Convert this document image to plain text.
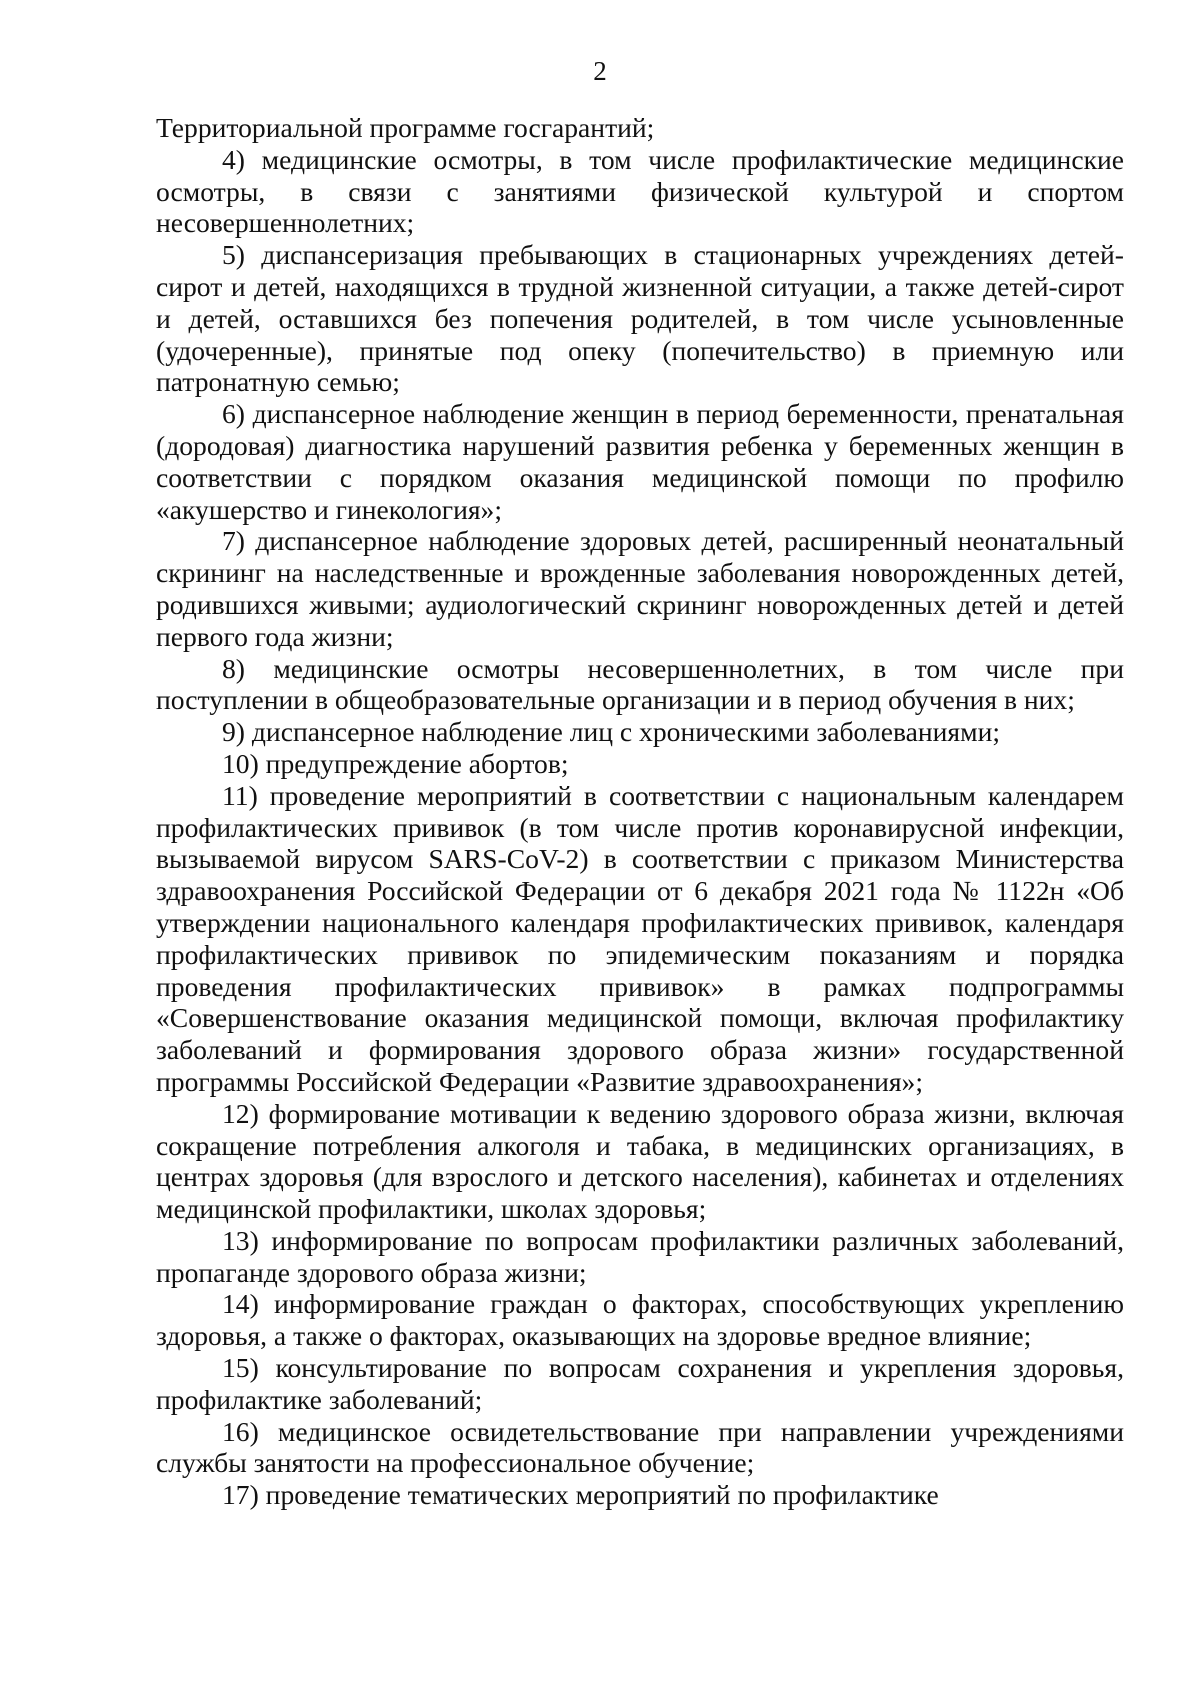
2

Территориальной программе госгарантий;

4) медицинские осмотры, в том числе профилактические медицинские осмотры, в связи с занятиями физической культурой и спортом несовершеннолетних;

5) диспансеризация пребывающих в стационарных учреждениях детей-сирот и детей, находящихся в трудной жизненной ситуации, а также детей-сирот и детей, оставшихся без попечения родителей, в том числе усыновленные (удочеренные), принятые под опеку (попечительство) в приемную или патронатную семью;

6) диспансерное наблюдение женщин в период беременности, пренатальная (дородовая) диагностика нарушений развития ребенка у беременных женщин в соответствии с порядком оказания медицинской помощи по профилю «акушерство и гинекология»;

7) диспансерное наблюдение здоровых детей, расширенный неонатальный скрининг на наследственные и врожденные заболевания новорожденных детей, родившихся живыми; аудиологический скрининг новорожденных детей и детей первого года жизни;

8) медицинские осмотры несовершеннолетних, в том числе при поступлении в общеобразовательные организации и в период обучения в них;

9) диспансерное наблюдение лиц с хроническими заболеваниями;

10) предупреждение абортов;

11) проведение мероприятий в соответствии с национальным календарем профилактических прививок (в том числе против коронавирусной инфекции, вызываемой вирусом SARS-CoV-2) в соответствии с приказом Министерства здравоохранения Российской Федерации от 6 декабря 2021 года № 1122н «Об утверждении национального календаря профилактических прививок, календаря профилактических прививок по эпидемическим показаниям и порядка проведения профилактических прививок» в рамках подпрограммы «Совершенствование оказания медицинской помощи, включая профилактику заболеваний и формирования здорового образа жизни» государственной программы Российской Федерации «Развитие здравоохранения»;

12) формирование мотивации к ведению здорового образа жизни, включая сокращение потребления алкоголя и табака, в медицинских организациях, в центрах здоровья (для взрослого и детского населения), кабинетах и отделениях медицинской профилактики, школах здоровья;

13) информирование по вопросам профилактики различных заболеваний, пропаганде здорового образа жизни;

14) информирование граждан о факторах, способствующих укреплению здоровья, а также о факторах, оказывающих на здоровье вредное влияние;

15) консультирование по вопросам сохранения и укрепления здоровья, профилактике заболеваний;

16) медицинское освидетельствование при направлении учреждениями службы занятости на профессиональное обучение;

17) проведение тематических мероприятий по профилактике
